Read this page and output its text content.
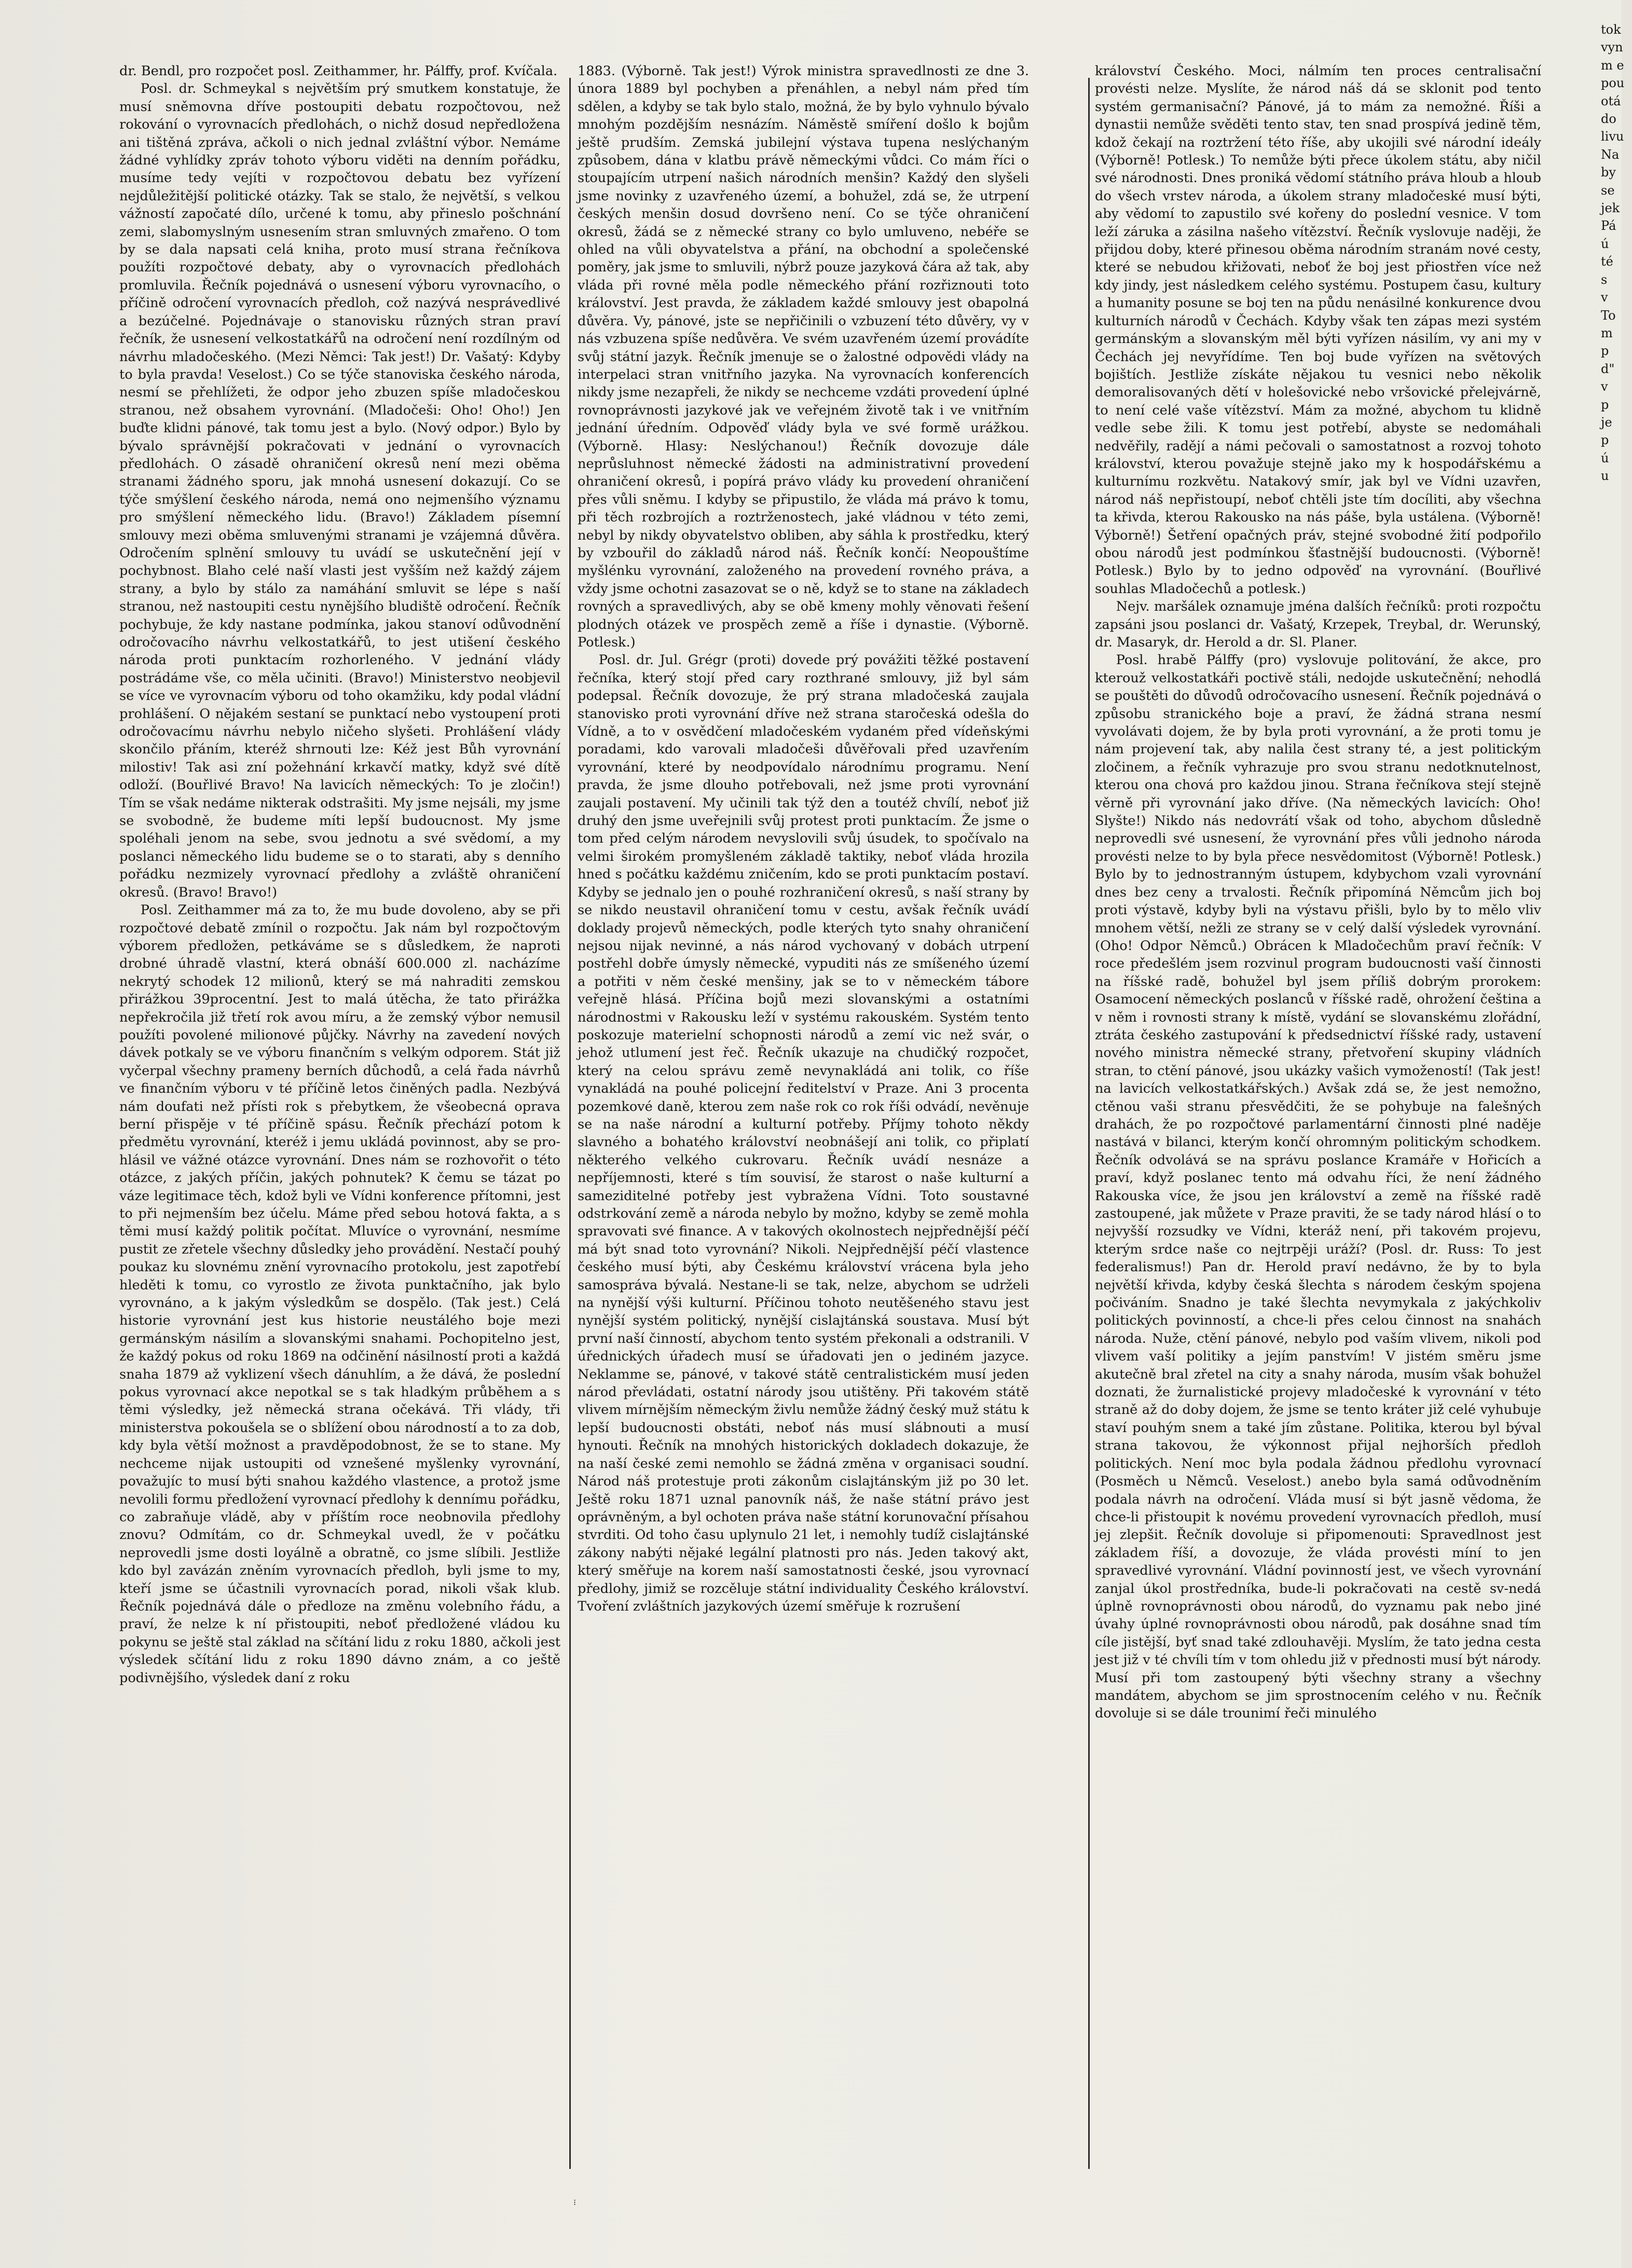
dr. Bendl, pro rozpočet posl. Zeithammer, hr. Pálffy, prof. Kvíčala.

Posl. dr. Schmeykal s největším prý smutkem konstatuje, že musí sněmovna dříve postoupiti debatu rozpočtovou, než rokování o vyrovnacích předlohách, o nichž dosud nepředložena ani tištěná zpráva, ačkoli o nich jednal zvláštní výbor. Nemáme žádné vyhlídky zpráv tohoto výboru viděti na denním pořádku, musíme tedy vejíti v rozpočtovou debatu bez vyřízení nejdůležitější politické otázky. Tak se stalo, že největší, s velkou vážností započaté dílo, určené k tomu, aby přineslo pošchnání zemi, slabomyslným usnesením stran smluvných zmařeno. O tom by se dala napsati celá kniha, proto musí strana řečníkova použíti rozpočtové debaty, aby o vyrovnacích předlohách promluvila. Řečník pojednává o usnesení výboru vyrovnacího, o příčině odročení vyrovnacích předloh, což nazývá nesprávedlivé a bezúčelné. Pojednávaje o stanovisku různých stran praví řečník, že usnesení velkostatkářů na odročení není rozdílným od návrhu mladočeského. (Mezi Němci: Tak jest!) Dr. Vašatý: Kdyby to byla pravda! Veselost.) Co se týče stanoviska českého národa, nesmí se přehlížeti, že odpor jeho zbuzen spíše mladočeskou stranou, než obsahem vyrovnání. (Mladočeši: Oho! Oho!) Jen buďte klidni pánové, tak tomu jest a bylo. (Nový odpor.) Bylo by bývalo správnější pokračovati v jednání o vyrovnacích předlohách. O zásadě ohraničení okresů není mezi oběma stranami žádného sporu, jak mnohá usnesení dokazují. Co se týče smýšlení českého národa, nemá ono nejmenšího významu pro smýšlení německého lidu. (Bravo!) Základem písemní smlouvy mezi oběma smluvenými stranami je vzájemná důvěra. Odročením splnění smlouvy tu uvádí se uskutečnění její v pochybnost. Blaho celé naší vlasti jest vyšším než každý zájem strany, a bylo by stálo za namáhání smluvit se lépe s naší stranou, než nastoupiti cestu nynějšího bludiště odročení. Řečník pochybuje, že kdy nastane podmínka, jakou stanoví odůvodnění odročovacího návrhu velkostatkářů, to jest utišení českého národa proti punktacím rozhorleného. V jednání vlády postrádáme vše, co měla učiniti. (Bravo!) Ministerstvo neobjevil se více ve vyrovnacím výboru od toho okamžiku, kdy podal vládní prohlášení. O nějakém sestaní se punktací nebo vystoupení proti odročovacímu návrhu nebylo ničeho slyšeti. Prohlášení vlády skončilo přáním, kteréž shrnouti lze: Kéž jest Bůh vyrovnání milostiv! Tak asi zní požehnání krkavčí matky, když své dítě odloží. (Bouřlivé Bravo! Na lavicích německých: To je zločin!) Tím se však nedáme nikterak odstrašiti. My jsme nejsáli, my jsme se svobodně, že budeme míti lepší budoucnost. My jsme spoléhali jenom na sebe, svou jednotu a své svědomí, a my poslanci německého lidu budeme se o to starati, aby s denního pořádku nezmizely vyrovnací předlohy a zvláště ohraničení okresů. (Bravo! Bravo!)

Posl. Zeithammer má za to, že mu bude dovoleno, aby se při rozpočtové debatě zmínil o rozpočtu. Jak nám byl rozpočtovým výborem předložen, petkáváme se s důsledkem, že naproti drobné úhradě vlastní, která obnáší 600.000 zl. nacházíme nekrytý schodek 12 milionů, který se má nahraditi zemskou přirážkou 39procentní. Jest to malá útěcha, že tato přirážka nepřekročila již třetí rok avou míru, a že zemský výbor nemusil použíti povolené milionové půjčky. Návrhy na zavedení nových dávek potkaly se ve výboru finančním s velkým odporem. Stát již vyčerpal všechny prameny berních důchodů, a celá řada návrhů ve finančním výboru v té příčině letos činěných padla. Nezbývá nám doufati než přísti rok s přebytkem, že všeobecná oprava berní přispěje v té příčině spásu. Řečník přechází potom k předmětu vyrovnání, kteréž i jemu ukládá povinnost, aby se pro-hlásil ve vážné otázce vyrovnání. Dnes nám se rozhovořit o této otázce, z jakých příčin, jakých pohnutek? K čemu se tázat po váze legitimace těch, kdož byli ve Vídni konference přítomni, jest to při nejmenším bez účelu. Máme před sebou hotová fakta, a s těmi musí každý politik počítat. Mluvíce o vyrovnání, nesmíme pustit ze zřetele všechny důsledky jeho provádění. Nestačí pouhý poukaz ku slovnému znění vyrovnacího protokolu, jest zapotřebí hleděti k tomu, co vyrostlo ze života punktačního, jak bylo vyrovnáno, a k jakým výsledkům se dospělo. (Tak jest.) Celá historie vyrovnání jest kus historie neustálého boje mezi germánským násilím a slovanskými snahami. Pochopitelno jest, že každý pokus od roku 1869 na odčinění násilností proti a každá snaha 1879 až vyklizení všech dánuhlím, a že dává, že poslední pokus vyrovnací akce nepotkal se s tak hladkým průběhem a s těmi výsledky, jež německá strana očekává. Tři vlády, tři ministerstva pokoušela se o sblížení obou národností a to za dob, kdy byla větší možnost a pravděpodobnost, že se to stane. My nechceme nijak ustoupiti od vznešené myšlenky vyrovnání, považujíc to musí býti snahou každého vlastence, a protož jsme nevolili formu předložení vyrovnací předlohy k dennímu pořádku, co zabraňuje vládě, aby v příštím roce neobnovila předlohy znovu? Odmítám, co dr. Schmeykal uvedl, že v počátku neprovedli jsme dosti loyálně a obratně, co jsme slíbili. Jestliže kdo byl zavázán zněním vyrovnacích předloh, byli jsme to my, kteří jsme se účastnili vyrovnacích porad, nikoli však klub. Řečník pojednává dále o předloze na změnu volebního řádu, a praví, že nelze k ní přistoupiti, neboť předložené vládou ku pokynu se ještě stal základ na sčítání lidu z roku 1880, ačkoli jest výsledek sčítání lidu z roku 1890 dávno znám, a co ještě podivnějšího, výsledek daní z roku

1883. (Výborně. Tak jest!) Výrok ministra spravedlnosti ze dne 3. února 1889 byl pochyben a přenáhlen, a nebyl nám před tím sdělen, a kdyby se tak bylo stalo, možná, že by bylo vyhnulo bývalo mnohým pozdějším nesnázím. Náměstě smíření došlo k bojům ještě prudším. Zemská jubilejní výstava tupena neslýchaným způsobem, dána v klatbu právě německými vůdci. Co mám říci o stoupajícím utrpení našich národních menšin? Každý den slyšeli jsme novinky z uzavřeného území, a bohužel, zdá se, že utrpení českých menšin dosud dovršeno není. Co se týče ohraničení okresů, žádá se z německé strany co bylo umluveno, nebéře se ohled na vůli obyvatelstva a přání, na obchodní a společenské poměry, jak jsme to smluvili, nýbrž pouze jazyková čára až tak, aby vláda při rovné měla podle německého přání rozřiznouti toto království. Jest pravda, že základem každé smlouvy jest obapolná důvěra. Vy, pánové, jste se nepřičinili o vzbuzení této důvěry, vy v nás vzbuzena spíše nedůvěra. Ve svém uzavřeném území provádíte svůj státní jazyk. Řečník jmenuje se o žalostné odpovědi vlády na interpelaci stran vnitřního jazyka. Na vyrovnacích konferencích nikdy jsme nezapřeli, že nikdy se nechceme vzdáti provedení úplné rovnoprávnosti jazykové jak ve veřejném životě tak i ve vnitřním jednání úředním. Odpověď vlády byla ve své formě urážkou. (Výborně. Hlasy: Neslýchanou!) Řečník dovozuje dále neprůsluhnost německé žádosti na administrativní provedení ohraničení okresů, i popírá právo vlády ku provedení ohraničení přes vůli sněmu. I kdyby se připustilo, že vláda má právo k tomu, při těch rozbrojích a roztrženostech, jaké vládnou v této zemi, nebyl by nikdy obyvatelstvo obliben, aby sáhla k prostředku, který by vzbouřil do základů národ náš. Řečník končí: Neopouštíme myšlénku vyrovnání, založeného na provedení rovného práva, a vždy jsme ochotni zasazovat se o ně, když se to stane na základech rovných a spravedlivých, aby se obě kmeny mohly věnovati řešení plodných otázek ve prospěch země a říše i dynastie. (Výborně. Potlesk.)

Posl. dr. Jul. Grégr (proti) dovede prý povážiti těžké postavení řečníka, který stojí před cary rozthrané smlouvy, již byl sám podepsal. Řečník dovozuje, že prý strana mladočeská zaujala stanovisko proti vyrovnání dříve než strana staročeská odešla do Vídně, a to v osvědčení mladočeském vydaném před vídeňskými poradami, kdo varovali mladočeši důvěřovali před uzavřením vyrovnání, které by neodpovídalo národnímu programu. Není pravda, že jsme dlouho potřebovali, než jsme proti vyrovnání zaujali postavení. My učinili tak týž den a toutéž chvílí, neboť již druhý den jsme uveřejnili svůj protest proti punktacím. Že jsme o tom před celým národem nevyslovili svůj úsudek, to spočívalo na velmi širokém promyšleném základě taktiky, neboť vláda hrozila hned s počátku každému zničením, kdo se proti punktacím postaví. Kdyby se jednalo jen o pouhé rozhraničení okresů, s naší strany by se nikdo neustavil ohraničení tomu v cestu, avšak řečník uvádí doklady projevů německých, podle kterých tyto snahy ohraničení nejsou nijak nevinné, a nás národ vychovaný v dobách utrpení postřehl dobře úmysly německé, vypuditi nás ze smíšeného území a potřiti v něm české menšiny, jak se to v německém tábore veřejně hlásá. Příčina bojů mezi slovanskými a ostatními národnostmi v Rakousku leží v systému rakouském. Systém tento poskozuje materielní schopnosti národů a zemí vic než svár, o jehož utlumení jest řeč. Řečník ukazuje na chudičký rozpočet, který na celou správu země nevynakládá ani tolik, co říše vynakládá na pouhé policejní ředitelství v Praze. Ani 3 procenta pozemkové daně, kterou zem naše rok co rok říši odvádí, nevěnuje se na naše národní a kulturní potřeby. Příjmy tohoto někdy slavného a bohatého království neobnášejí ani tolik, co připlatí některého velkého cukrovaru. Řečník uvádí nesnáze a nepříjemnosti, které s tím souvisí, že starost o naše kulturní a sameziditelné potřeby jest vybražena Vídni. Toto soustavné odstrkování země a národa nebylo by možno, kdyby se země mohla spravovati své finance. A v takových okolnostech nejpřednější péčí má být snad toto vyrovnání? Nikoli. Nejpřednější péčí vlastence českého musí býti, aby Českému království vrácena byla jeho samospráva bývalá. Nestane-li se tak, nelze, abychom se udrželi na nynější výši kulturní. Příčinou tohoto neutěšeného stavu jest nynější systém politický, nynější cislajtánská soustava. Musí být první naší činností, abychom tento systém překonali a odstranili. V úřednických úřadech musí se úřadovati jen o jediném jazyce. Neklamme se, pánové, v takové státě centralistickém musí jeden národ převládati, ostatní národy jsou utištěny. Při takovém státě vlivem mírnějším německým živlu nemůže žádný český muž státu k lepší budoucnosti obstáti, neboť nás musí slábnouti a musí hynouti. Řečník na mnohých historických dokladech dokazuje, že na naší české zemi nemohlo se žádná změna v organisaci soudní. Národ náš protestuje proti zákonům cislajtánským již po 30 let. Ještě roku 1871 uznal panovník náš, že naše státní právo jest oprávněným, a byl ochoten práva naše státní korunovační přísahou stvrditi. Od toho času uplynulo 21 let, i nemohly tudíž cislajtánské zákony nabýti nějaké legální platnosti pro nás. Jeden takový akt, který směřuje na korem naší samostatnosti české, jsou vyrovnací předlohy, jimiž se rozcěluje státní individuality Českého království. Tvoření zvláštních jazykových území směřuje k rozrušení

království Českého. Moci, nálmím ten proces centralisační provésti nelze. Myslíte, že národ náš dá se sklonit pod tento systém germanisační? Pánové, já to mám za nemožné. Říši a dynastii nemůže svěděti tento stav, ten snad prospívá jedině těm, kdož čekají na roztržení této říše, aby ukojili své národní ideály (Výborně! Potlesk.) To nemůže býti přece úkolem státu, aby ničil své národnosti. Dnes proniká vědomí státního práva hloub a hloub do všech vrstev národa, a úkolem strany mladočeské musí býti, aby vědomí to zapustilo své kořeny do poslední vesnice. V tom leží záruka a zásilna našeho vítězství. Řečník vyslovuje naději, že přijdou doby, které přinesou oběma národním stranám nové cesty, které se nebudou křižovati, neboť že boj jest přiostřen více než kdy jindy, jest následkem celého systému. Postupem času, kultury a humanity posune se boj ten na půdu nenásilné konkurence dvou kulturních národů v Čechách. Kdyby však ten zápas mezi systém germánským a slovanským měl býti vyřízen násilím, vy ani my v Čechách jej nevyřídíme. Ten boj bude vyřízen na světových bojištích. Jestliže získáte nějakou tu vesnici nebo několik demoralisovaných dětí v holešovické nebo vršovické přelejvárně, to není celé vaše vítězství. Mám za možné, abychom tu klidně vedle sebe žili. K tomu jest potřebí, abyste se nedomáhali nedvěřily, radějí a námi pečovali o samostatnost a rozvoj tohoto království, kterou považuje stejně jako my k hospodářskému a kulturnímu rozkvětu. Natakový smír, jak byl ve Vídni uzavřen, národ náš nepřistoupí, neboť chtěli jste tím docíliti, aby všechna ta křivda, kterou Rakousko na nás páše, byla ustálena. (Výborně! Výborně!) Šetření opačných práv, stejné svobodné žití podpořilo obou národů jest podmínkou šťastnější budoucnosti. (Výborně! Potlesk.) Bylo by to jedno odpověď na vyrovnání. (Bouřlivé souhlas Mladočechů a potlesk.)

Nejv. maršálek oznamuje jména dalších řečníků: proti rozpočtu zapsáni jsou poslanci dr. Vašatý, Krzepek, Treybal, dr. Werunský, dr. Masaryk, dr. Herold a dr. Sl. Planer.

Posl. hrabě Pálffy (pro) vyslovuje politování, že akce, pro kterouž velkostatkáři poctivě stáli, nedojde uskutečnění; nehodlá se pouštěti do důvodů odročovacího usnesení. Řečník pojednává o způsobu stranického boje a praví, že žádná strana nesmí vyvolávati dojem, že by byla proti vyrovnání, a že proti tomu je nám projevení tak, aby nalila čest strany té, a jest politickým zločinem, a řečník vyhrazuje pro svou stranu nedotknutelnost, kterou ona chová pro každou jinou. Strana řečníkova stejí stejně věrně při vyrovnání jako dříve. (Na německých lavicích: Oho! Slyšte!) Nikdo nás nedovrátí však od toho, abychom důsledně neprovedli své usnesení, že vyrovnání přes vůli jednoho národa provésti nelze to by byla přece nesvědomitost (Výborně! Potlesk.) Bylo by to jednostranným ústupem, kdybychom vzali vyrovnání dnes bez ceny a trvalosti. Řečník připomíná Němcům jich boj proti výstavě, kdyby byli na výstavu přišli, bylo by to mělo vliv mnohem větší, nežli ze strany se v celý další výsledek vyrovnání. (Oho! Odpor Němců.) Obrácen k Mladočechům praví řečník: V roce předešlém jsem rozvinul program budoucnosti vaší činnosti na říšské radě, bohužel byl jsem příliš dobrým prorokem: Osamocení německých poslanců v říšské radě, ohrožení čeština a v něm i rovnosti strany k místě, vydání se slovanskému zlořádní, ztráta českého zastupování k předsednictví říšské rady, ustavení nového ministra německé strany, přetvoření skupiny vládních stran, to ctění pánové, jsou ukázky vašich vymožeností! (Tak jest! na lavicích velkostatkářských.) Avšak zdá se, že jest nemožno, ctěnou vaši stranu přesvědčiti, že se pohybuje na falešných drahách, že po rozpočtové parlamentární činnosti plné naděje nastává v bilanci, kterým končí ohromným politickým schodkem. Řečník odvolává se na správu poslance Kramáře v Hořicích a praví, když poslanec tento má odvahu říci, že není žádného Rakouska více, že jsou jen království a země na říšské radě zastoupené, jak můžete v Praze praviti, že se tady národ hlásí o to nejvyšší rozsudky ve Vídni, kteráž není, při takovém projevu, kterým srdce naše co nejtrpěji uráží? (Posl. dr. Russ: To jest federalismus!) Pan dr. Herold praví nedávno, že by to byla největší křivda, kdyby česká šlechta s národem českým spojena počiváním. Snadno je také šlechta nevymykala z jakýchkoliv politických povinností, a chce-li přes celou činnost na snahách národa. Nuže, ctění pánové, nebylo pod vaším vlivem, nikoli pod vlivem vaší politiky a jejím panstvím! V jistém směru jsme akutečně bral zřetel na city a snahy národa, musím však bohužel doznati, že žurnalistické projevy mladočeské k vyrovnání v této straně až do doby dojem, že jsme se tento kráter již celé vyhubuje staví pouhým snem a také jím zůstane. Politika, kterou byl býval strana takovou, že výkonnost přijal nejhorších předloh politických. Není moc byla podala žádnou předlohu vyrovnací (Posměch u Němců. Veselost.) anebo byla samá odůvodněním podala návrh na odročení. Vláda musí si být jasně vědoma, že chce-li přistoupit k novému provedení vyrovnacích předloh, musí jej zlepšit. Řečník dovoluje si připomenouti: Spravedlnost jest základem říší, a dovozuje, že vláda provésti míní to jen spravedlivé vyrovnání. Vládní povinností jest, ve všech vyrovnání zanjal úkol prostředníka, bude-li pokračovati na cestě sv-nedá úplně rovnoprávnosti obou národů, do vyznamu pak nebo jiné úvahy úplné rovnoprávnosti obou národů, pak dosáhne snad tím cíle jistější, byť snad také zdlouhavěji. Myslím, že tato jedna cesta jest již v té chvíli tím v tom ohledu již v přednosti musí být národy. Musí při tom zastoupený býti všechny strany a všechny mandátem, abychom se jim sprostnocením celého v nu. Řečník dovoluje si se dále trounimí řeči minulého

tok
vyn
m e
pou
otá
do
livu
Na
by
se
jek
Pá
ú
té
s
v
To
m
p
d"
v
p
je
p
ú
u
⁝
